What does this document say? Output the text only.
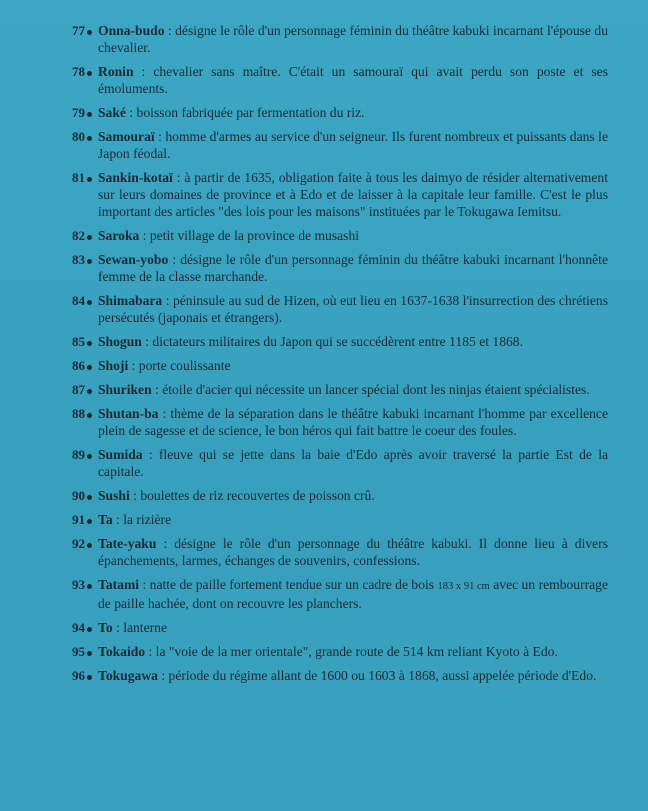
77 Onna-budo : désigne le rôle d'un personnage féminin du théâtre kabuki incarnant l'épouse du chevalier.
78 Ronin : chevalier sans maître. C'était un samouraï qui avait perdu son poste et ses émoluments.
79 Saké : boisson fabriquée par fermentation du riz.
80 Samouraï : homme d'armes au service d'un seigneur. Ils furent nombreux et puissants dans le Japon féodal.
81 Sankin-kotaï : à partir de 1635, obligation faite à tous les daimyo de résider alternativement sur leurs domaines de province et à Edo et de laisser à la capitale leur famille. C'est le plus important des articles "des lois pour les maisons" instituées par le Tokugawa Iemitsu.
82 Saroka : petit village de la province de musashi
83 Sewan-yobo : désigne le rôle d'un personnage féminin du théâtre kabuki incarnant l'honnête femme de la classe marchande.
84 Shimabara : péninsule au sud de Hizen, où eut lieu en 1637-1638 l'insurrection des chrétiens persécutés (japonais et étrangers).
85 Shogun : dictateurs militaires du Japon qui se succédèrent entre 1185 et 1868.
86 Shoji : porte coulissante
87 Shuriken : étoile d'acier qui nécessite un lancer spécial dont les ninjas étaient spécialistes.
88 Shutan-ba : thème de la séparation dans le théâtre kabuki incarnant l'homme par excellence plein de sagesse et de science, le bon héros qui fait battre le coeur des foules.
89 Sumida : fleuve qui se jette dans la baie d'Edo après avoir traversé la partie Est de la capitale.
90 Sushi : boulettes de riz recouvertes de poisson crû.
91 Ta : la rizière
92 Tate-yaku : désigne le rôle d'un personnage du théâtre kabuki. Il donne lieu à divers épanchements, larmes, échanges de souvenirs, confessions.
93 Tatami : natte de paille fortement tendue sur un cadre de bois 183 x 91 cm avec un rembourrage de paille hachée, dont on recouvre les planchers.
94 To : lanterne
95 Tokaido : la "voie de la mer orientale", grande route de 514 km reliant Kyoto à Edo.
96 Tokugawa : période du régime allant de 1600 ou 1603 à 1868, aussi appelée période d'Edo.
